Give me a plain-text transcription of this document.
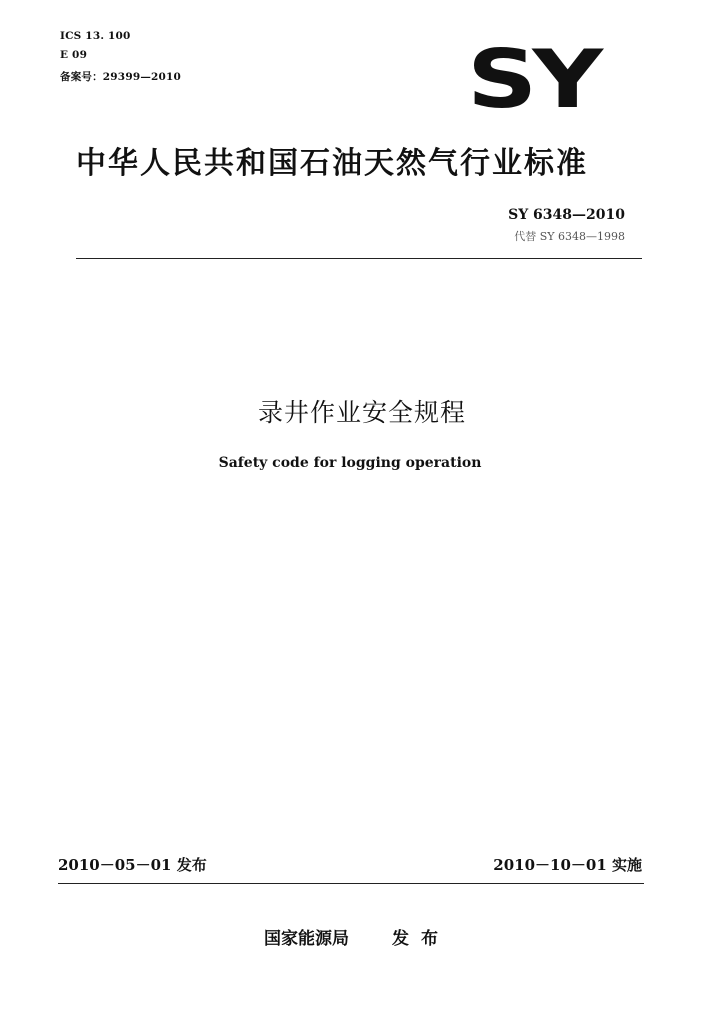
ICS 13. 100
E 09
备案号：29399—2010	SY
中华人民共和国石油天然气行业标准
SY 6348—2010
代替 SY 6348—1998
录井作业安全规程
Safety code for logging operation
2010－05－01 发布	2010－10－01 实施
国家能源局	发布
